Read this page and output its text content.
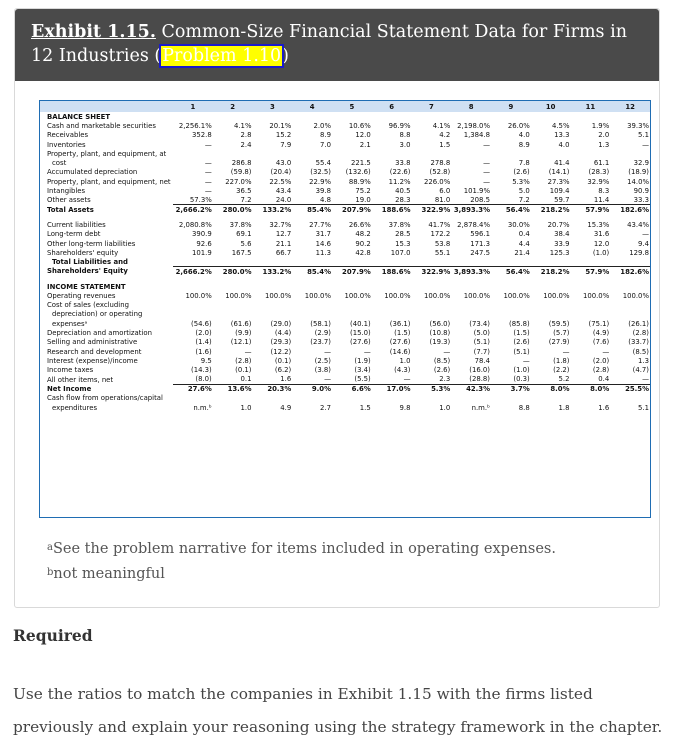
Exhibit 1.15. Common-Size Financial Statement Data for Firms in 12 Industries (Problem 1.10)
	1	2	3	4	5	6	7	8	9	10	11	12
BALANCE SHEET												
Cash and marketable securities	2,256.1%	4.1%	20.1%	2.0%	10.6%	96.9%	4.1%	2,198.0%	26.0%	4.5%	1.9%	39.3%
Receivables	352.8	2.8	15.2	8.9	12.0	8.8	4.2	1,384.8	4.0	13.3	2.0	5.1
Inventories	—	2.4	7.9	7.0	2.1	3.0	1.5	—	8.9	4.0	1.3	—
Property, plant, and equipment, at												
cost	—	286.8	43.0	55.4	221.5	33.8	278.8	—	7.8	41.4	61.1	32.9
Accumulated depreciation	—	(59.8)	(20.4)	(32.5)	(132.6)	(22.6)	(52.8)	—	(2.6)	(14.1)	(28.3)	(18.9)
Property, plant, and equipment, net	—	227.0%	22.5%	22.9%	88.9%	11.2%	226.0%	—	5.3%	27.3%	32.9%	14.0%
Intangibles	—	36.5	43.4	39.8	75.2	40.5	6.0	101.9%	5.0	109.4	8.3	90.9
Other assets	57.3%	7.2	24.0	4.8	19.0	28.3	81.0	208.5	7.2	59.7	11.4	33.3
Total Assets	2,666.2%	280.0%	133.2%	85.4%	207.9%	188.6%	322.9%	3,893.3%	56.4%	218.2%	57.9%	182.6%

Current liabilities	2,080.8%	37.8%	32.7%	27.7%	26.6%	37.8%	41.7%	2,878.4%	30.0%	20.7%	15.3%	43.4%
Long-term debt	390.9	69.1	12.7	31.7	48.2	28.5	172.2	596.1	0.4	38.4	31.6	—
Other long-term liabilities	92.6	5.6	21.1	14.6	90.2	15.3	53.8	171.3	4.4	33.9	12.0	9.4
Shareholders' equity	101.9	167.5	66.7	11.3	42.8	107.0	55.1	247.5	21.4	125.3	(1.0)	129.8
Total Liabilities and												
Shareholders' Equity	2,666.2%	280.0%	133.2%	85.4%	207.9%	188.6%	322.9%	3,893.3%	56.4%	218.2%	57.9%	182.6%

INCOME STATEMENT												
Operating revenues	100.0%	100.0%	100.0%	100.0%	100.0%	100.0%	100.0%	100.0%	100.0%	100.0%	100.0%	100.0%
Cost of sales (excluding												
depreciation) or operating												
expensesᵃ	(54.6)	(61.6)	(29.0)	(58.1)	(40.1)	(36.1)	(56.0)	(73.4)	(85.8)	(59.5)	(75.1)	(26.1)
Depreciation and amortization	(2.0)	(9.9)	(4.4)	(2.9)	(15.0)	(1.5)	(10.8)	(5.0)	(1.5)	(5.7)	(4.9)	(2.8)
Selling and administrative	(1.4)	(12.1)	(29.3)	(23.7)	(27.6)	(27.6)	(19.3)	(5.1)	(2.6)	(27.9)	(7.6)	(33.7)
Research and development	(1.6)	—	(12.2)	—	—	(14.6)	—	(7.7)	(5.1)	—	—	(8.5)
Interest (expense)/income	9.5	(2.8)	(0.1)	(2.5)	(1.9)	1.0	(8.5)	78.4	—	(1.8)	(2.0)	1.3
Income taxes	(14.3)	(0.1)	(6.2)	(3.8)	(3.4)	(4.3)	(2.6)	(16.0)	(1.0)	(2.2)	(2.8)	(4.7)
All other items, net	(8.0)	0.1	1.6	—	(5.5)	—	2.3	(28.8)	(0.3)	5.2	0.4	—
Net Income	27.6%	13.6%	20.3%	9.0%	6.6%	17.0%	5.3%	42.3%	3.7%	8.0%	8.0%	25.5%
Cash flow from operations/capital												
expenditures	n.m.ᵇ	1.0	4.9	2.7	1.5	9.8	1.0	n.m.ᵇ	8.8	1.8	1.6	5.1
$^a$See the problem narrative for items included in operating expenses.
$^b$not meaningful
Required
Use the ratios to match the companies in Exhibit 1.15 with the firms listed previously and explain your reasoning using the strategy framework in the chapter.
